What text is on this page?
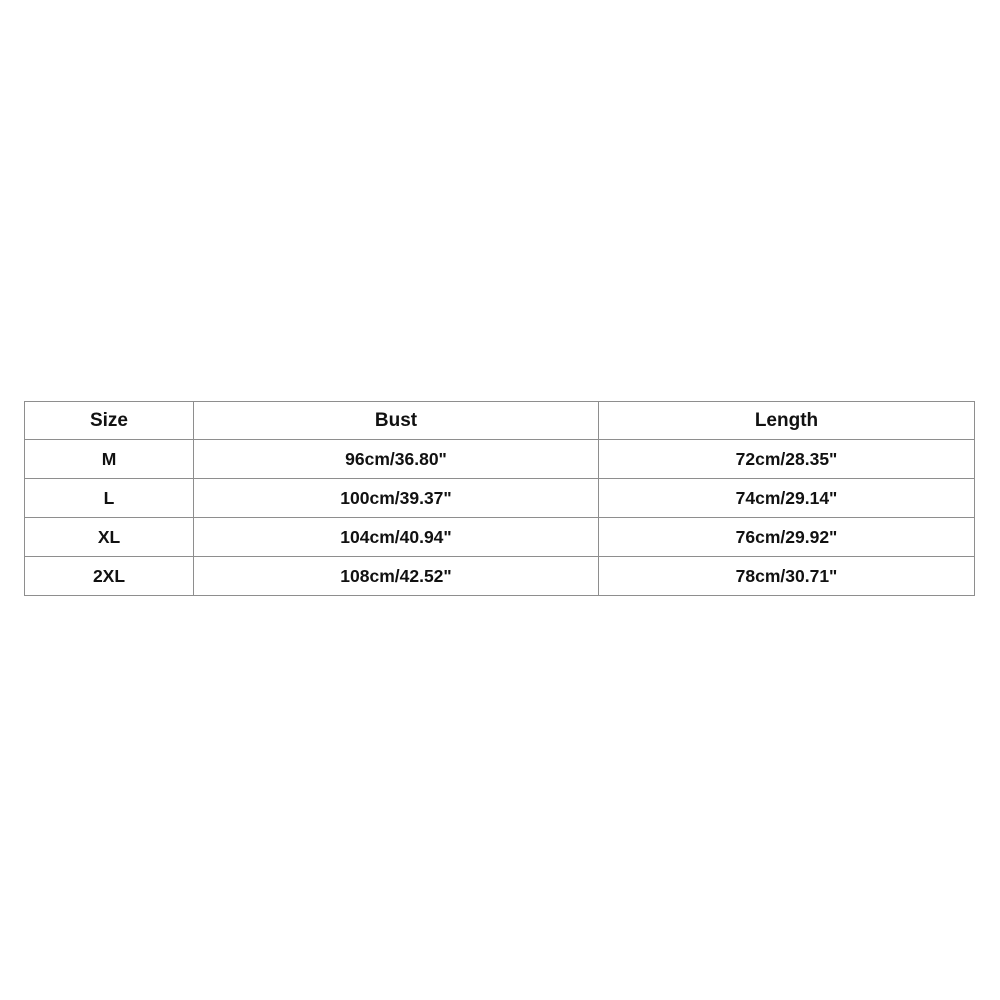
Size	Bust	Length
M	96cm/36.80"	72cm/28.35"
L	100cm/39.37"	74cm/29.14"
XL	104cm/40.94"	76cm/29.92"
2XL	108cm/42.52"	78cm/30.71"
